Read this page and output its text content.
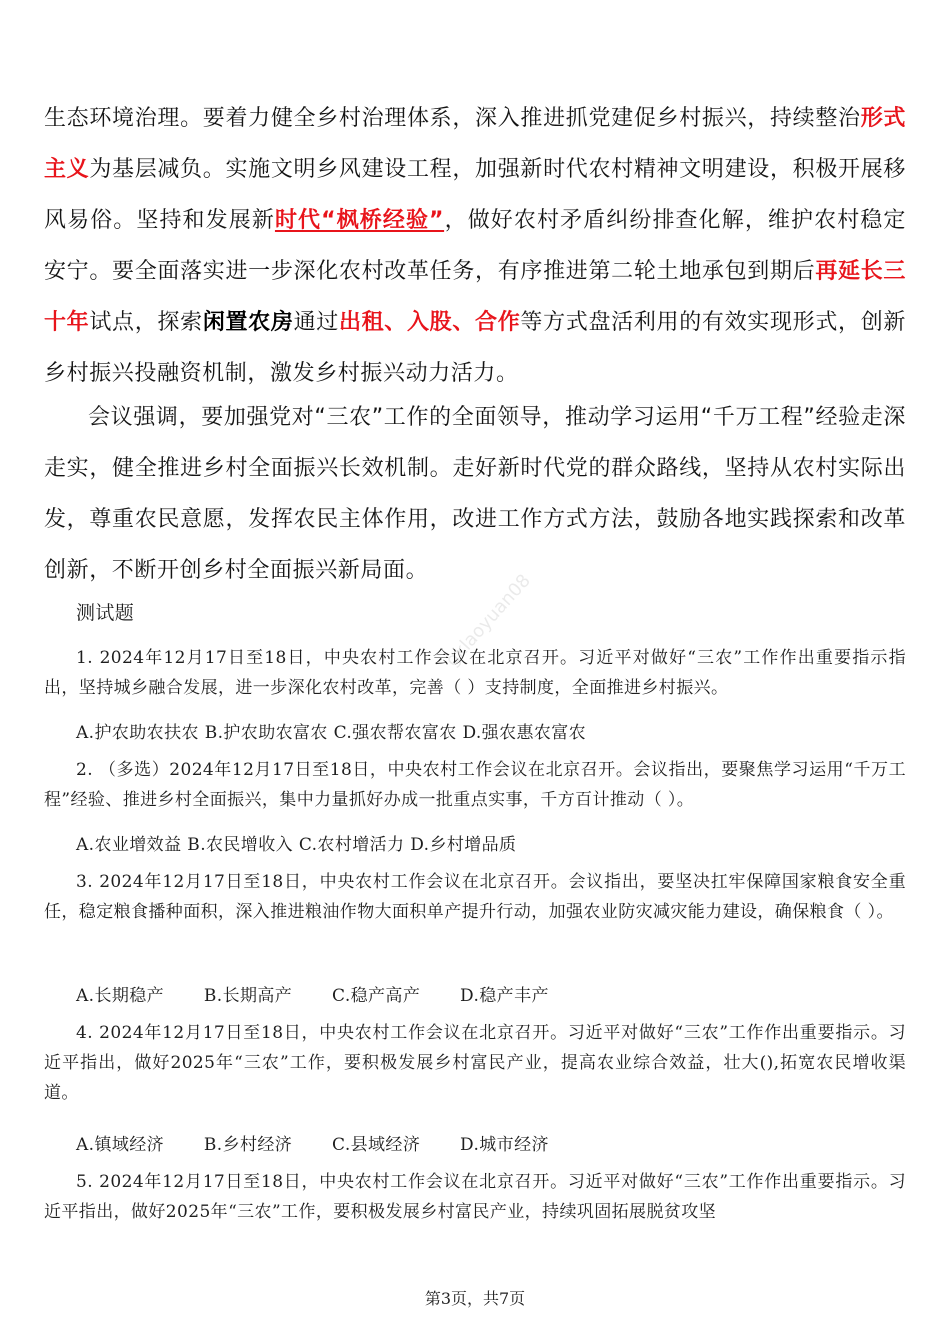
gklaoyuan08

生态环境治理。要着力健全乡村治理体系，深入推进抓党建促乡村振兴，持续整治形式主义为基层减负。实施文明乡风建设工程，加强新时代农村精神文明建设，积极开展移风易俗。坚持和发展新时代“枫桥经验”，做好农村矛盾纠纷排查化解，维护农村稳定安宁。要全面落实进一步深化农村改革任务，有序推进第二轮土地承包到期后再延长三十年试点，探索闲置农房通过出租、入股、合作等方式盘活利用的有效实现形式，创新乡村振兴投融资机制，激发乡村振兴动力活力。

会议强调，要加强党对“三农”工作的全面领导，推动学习运用“千万工程”经验走深走实，健全推进乡村全面振兴长效机制。走好新时代党的群众路线，坚持从农村实际出发，尊重农民意愿，发挥农民主体作用，改进工作方式方法，鼓励各地实践探索和改革创新，不断开创乡村全面振兴新局面。

测试题

1. 2024年12月17日至18日，中央农村工作会议在北京召开。习近平对做好“三农”工作作出重要指示指出，坚持城乡融合发展，进一步深化农村改革，完善（ ）支持制度，全面推进乡村振兴。

A.护农助农扶农 B.护农助农富农 C.强农帮农富农 D.强农惠农富农

2. （多选）2024年12月17日至18日，中央农村工作会议在北京召开。会议指出，要聚焦学习运用“千万工程”经验、推进乡村全面振兴，集中力量抓好办成一批重点实事，千方百计推动（ ）。

A.农业增效益 B.农民增收入 C.农村增活力 D.乡村增品质

3. 2024年12月17日至18日，中央农村工作会议在北京召开。会议指出，要坚决扛牢保障国家粮食安全重任，稳定粮食播种面积，深入推进粮油作物大面积单产提升行动，加强农业防灾减灾能力建设，确保粮食（ ）。

A.长期稳产 B.长期高产 C.稳产高产 D.稳产丰产

4. 2024年12月17日至18日，中央农村工作会议在北京召开。习近平对做好“三农”工作作出重要指示。习近平指出，做好2025年“三农”工作，要积极发展乡村富民产业，提高农业综合效益，壮大(),拓宽农民增收渠道。

A.镇域经济 B.乡村经济 C.县域经济 D.城市经济

5. 2024年12月17日至18日，中央农村工作会议在北京召开。习近平对做好“三农”工作作出重要指示。习近平指出，做好2025年“三农”工作，要积极发展乡村富民产业，持续巩固拓展脱贫攻坚

第3页，共7页
